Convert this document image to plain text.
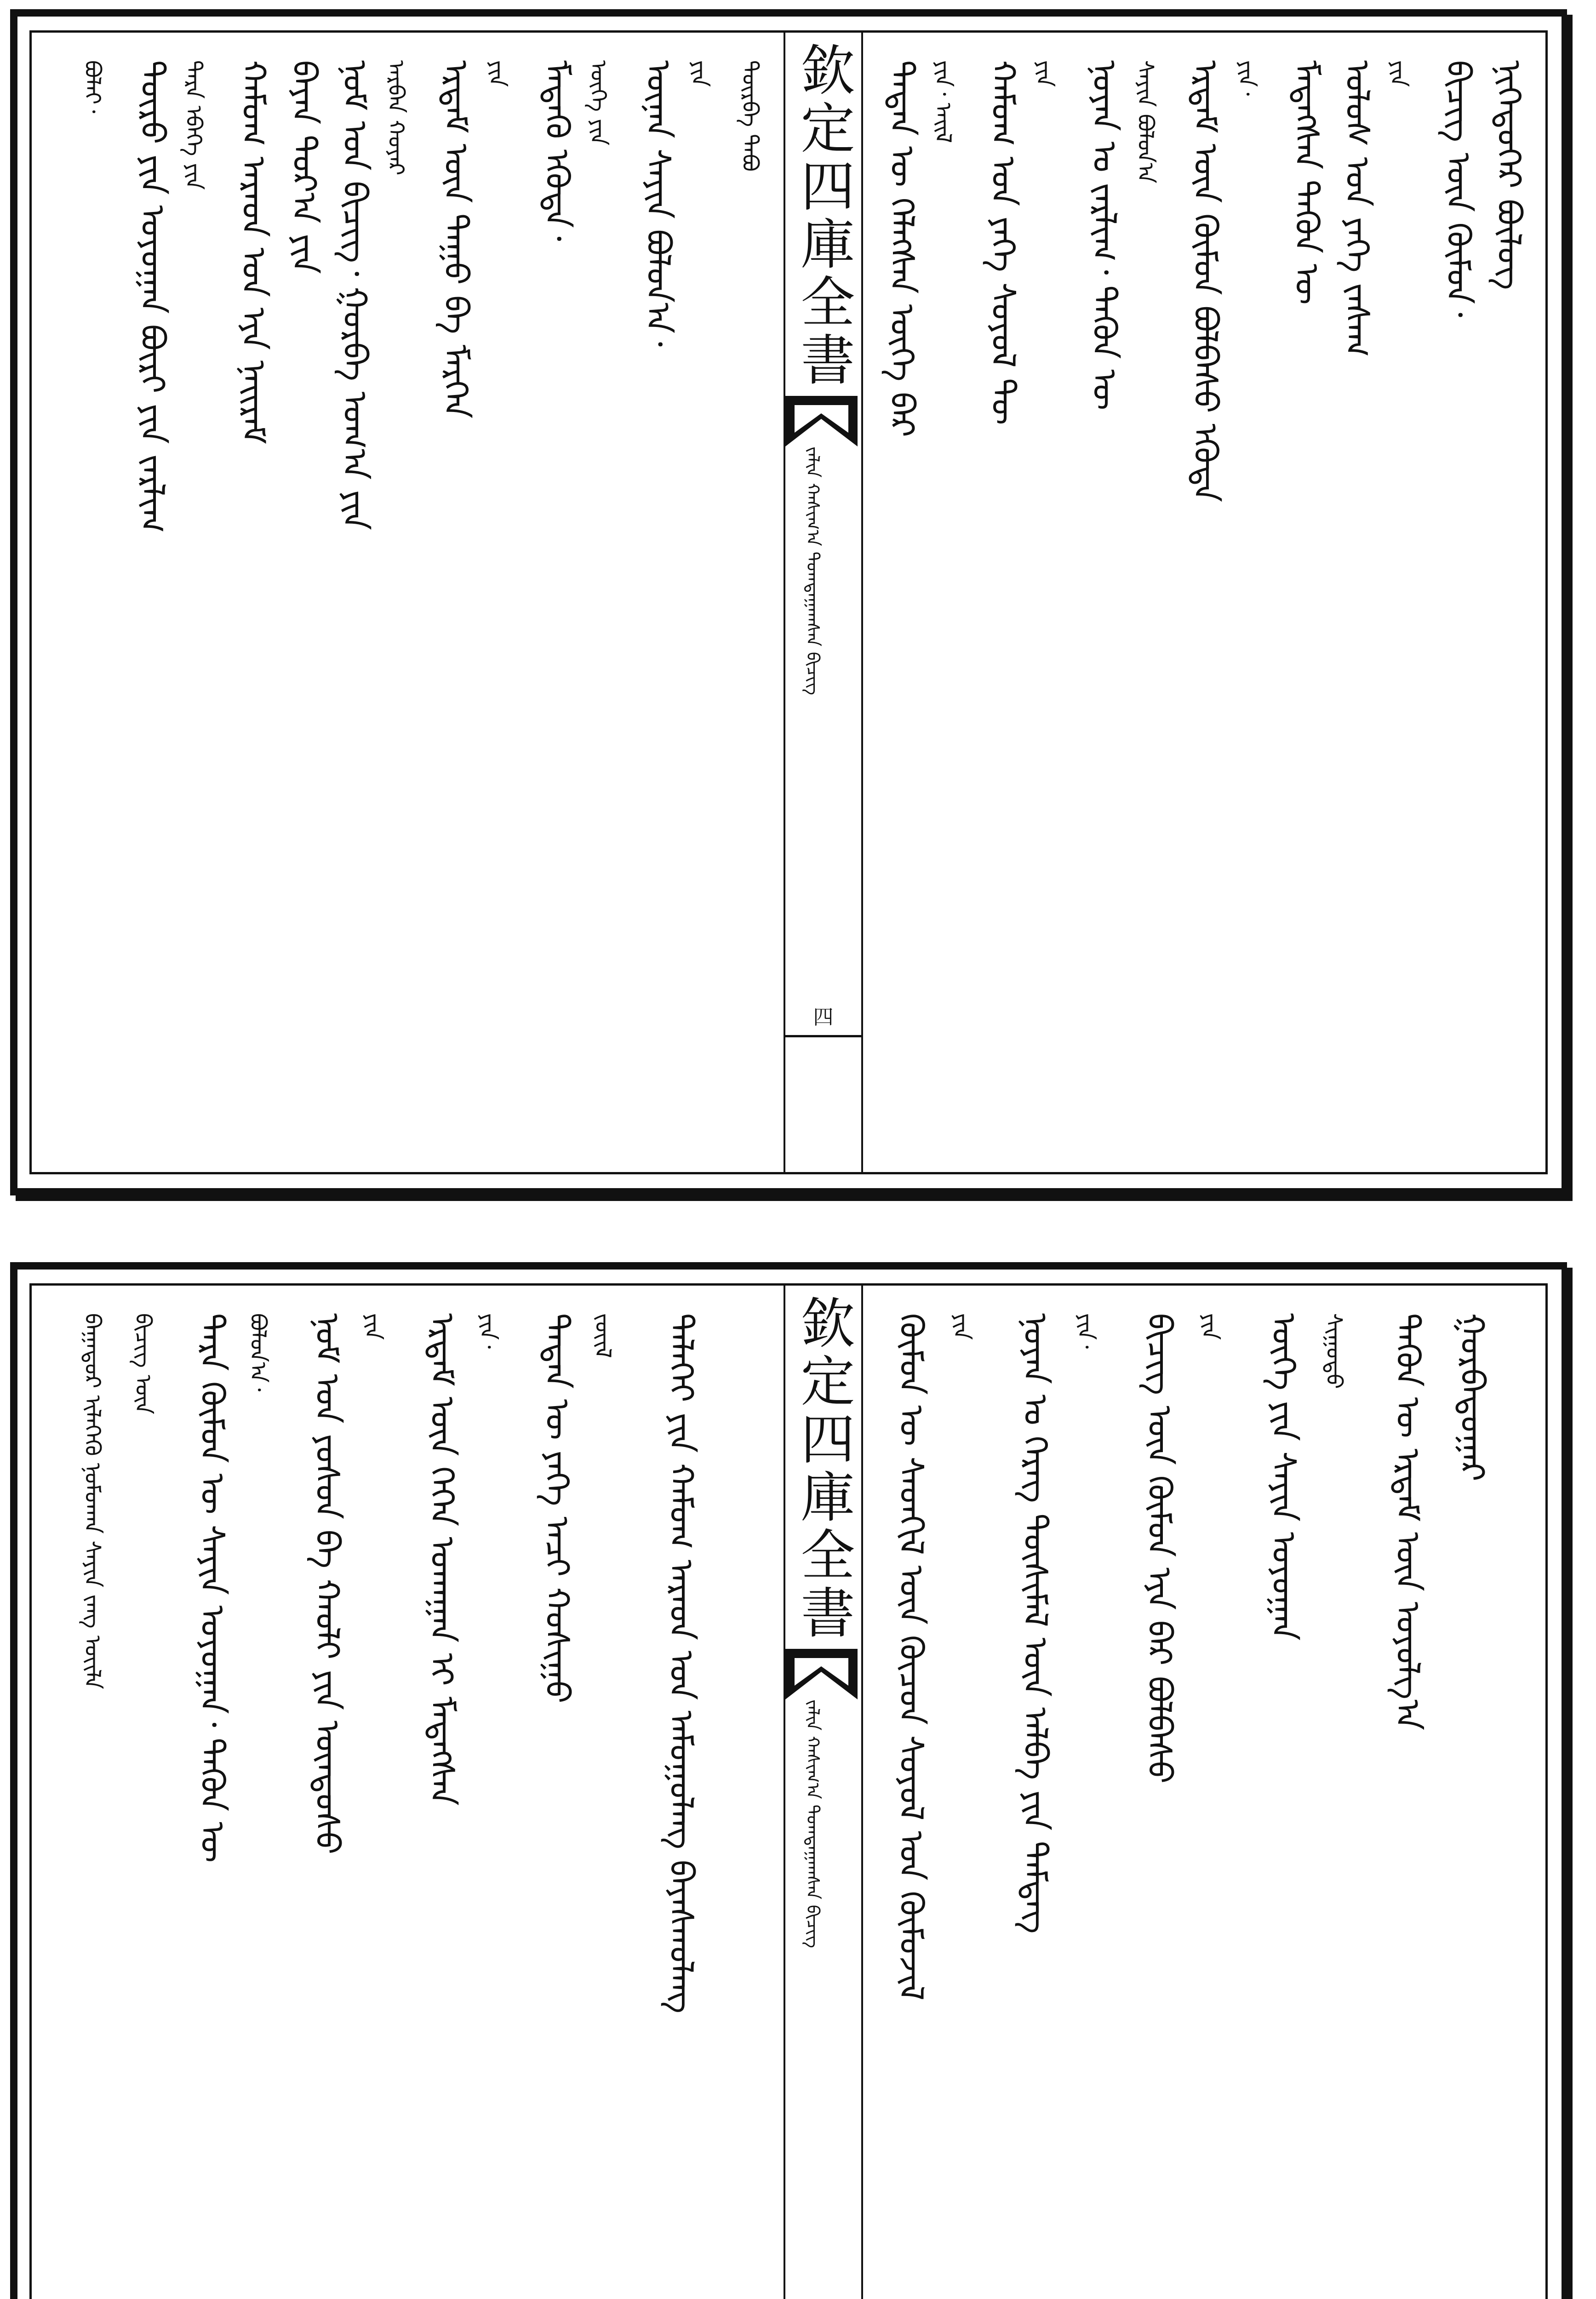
ᠪᠣᠯᠠᠢ᠂ ᠲᠦᠷᠦ ᠶᠢᠨ ᠤᠶᠤᠭᠠᠨ ᠪᠦᠷᠢ ᠶᠢᠨ ᠵᠠᠷᠯᠢᠭ ᠲᠡᠷᠡ ᠡᠪᠡᠭᠡ ᠶᠢᠨ ᠬᠠᠮᠤᠭ ᠠᠷᠠᠳ ᠤᠨ ᠡᠶᠡ ᠨᠡᠢᠷᠡᠮ ᠪᠠᠶᠠᠨ ᠳᠤᠷ᠎ᠠ ᠶᠢᠨ ᠨᠣᠮ ᠤᠨ ᠪᠢᠴᠢᠭ᠂ ᠭᠤᠷᠪᠠ ᠤᠭ᠎ᠠ ᠶᠢᠨ ᠠᠷᠪᠠᠨ ᠬᠣᠶᠠᠷ ᠡᠷᠳᠡᠮ ᠦᠨ ᠳᠠᠭᠤ ᠪᠠ ᠮᠡᠷᠭᠡᠨ ᠶᠢᠨ ᠮᠡᠳᠡᠬᠦ ᠡᠭᠦᠳᠡ᠂ ᠦᠭᠡ ᠶᠢᠨ ᠦᠨᠡᠨ ᠰᠠᠶᠢᠨ ᠪᠣᠯᠤᠨ᠎ᠠ᠂ ᠶᠢᠨ	ᠳᠦᠷᠪᠡ ᠲᠠᠪᠤ 欽定四庫全書
ᠵᠠᠯᠢᠨ ᠬᠠᠰᠢᠭ᠎ᠠ ᠲᠣᠭᠲᠠᠭᠠᠭᠰᠠᠨ ᠪᠢᠴᠢᠭ
四
ᠲᠡᠳᠡᠨ ᠦ ᠬᠡᠯᠡᠭᠰᠡᠨ ᠦᠭᠡ ᠪᠡᠷ ᠶᠢᠨ᠂ ᠠᠢᠯ ᠬᠠᠮᠤᠭ ᠤᠨ ᠶᠡᠬᠡ ᠰᠣᠶᠤᠯ ᠲᠦ ᠶᠢᠨ ᠨᠣᠶᠠᠨ ᠤ ᠵᠠᠷᠯᠢᠭ᠂ ᠲᠡᠭᠦᠨ ᠦ ᠰᠠᠶᠢᠨ ᠪᠣᠯᠤᠨ᠎ᠠ ᠡᠷᠳᠡᠮ ᠦᠨ ᠬᠦᠮᠦᠨ ᠪᠣᠯᠪᠠᠰᠤ ᠡᠭᠦᠳᠡ ᠶᠢᠨ᠂ ᠮᠡᠳᠡᠭᠰᠡᠨ ᠲᠡᠭᠦᠨ ᠦ ᠤᠯᠤᠰ ᠤᠨ ᠶᠡᠬᠡ ᠵᠠᠰᠠᠭ ᠶᠢᠨ ᠪᠢᠴᠢᠭ ᠦᠨ ᠬᠦᠮᠦᠨ᠂ ᠨᠢᠭᠡᠳᠦᠭᠡᠷ ᠪᠦᠯᠦᠭ
ᠪᠠᠭᠠᠲᠤᠷ ᠢᠯᠡᠭᠡᠬᠦ ᠨᠣᠮᠤᠬᠠᠨ ᠰᠠᠶᠢᠨ ᠵᠠᠩ ᠦᠢᠯᠡ	ᠪᠢᠴᠢᠭ ᠦᠨ ᠲᠡᠷᠡ ᠬᠦᠮᠦᠨ ᠦ ᠰᠠᠶᠢᠨ ᠤᠶᠤᠭᠠᠨ᠂ ᠲᠡᠭᠦᠨ ᠦ ᠪᠣᠯᠤᠨ᠎ᠠ᠂ ᠨᠣᠮ ᠤᠨ ᠶᠣᠰᠤᠨ ᠪᠠ ᠬᠠᠤᠯᠢ ᠶᠢᠨ ᠦᠨᠳᠦᠰᠦ ᠶᠢᠨ ᠡᠷᠳᠡᠮ ᠦᠨ ᠭᠡᠭᠡᠨ ᠤᠬᠠᠭᠠᠨ ᠢ ᠮᠡᠳᠡᠭᠰᠡᠨ ᠶᠢᠨ᠂ ᠲᠡᠳᠡᠨ ᠦ ᠶᠡᠬᠡ ᠠᠴᠢ ᠬᠣᠰᠢᠭᠤ ᠵᠦᠢᠯ ᠳᠡᠯᠡᠬᠡᠢ ᠶᠢᠨ ᠬᠠᠮᠤᠭ ᠠᠷᠠᠳ ᠤᠨ ᠠᠮᠤᠭᠤᠯᠠᠩ ᠪᠠᠶᠠᠰᠬᠤᠯᠠᠩ 欽定四庫全書
ᠵᠠᠯᠢᠨ ᠬᠠᠰᠢᠭ᠎ᠠ ᠲᠣᠭᠲᠠᠭᠠᠭᠰᠠᠨ ᠪᠢᠴᠢᠭ	ᠬᠦᠮᠦᠨ ᠦ ᠰᠡᠳᠬᠢᠯ ᠦᠨ ᠬᠦᠴᠦᠨ ᠰᠣᠶᠤᠯ ᠤᠨ ᠬᠦᠮᠦᠵᠢᠯ ᠶᠢᠨ ᠨᠣᠶᠠᠨ ᠤ ᠬᠡᠷᠡᠭ ᠲᠦᠰᠢᠮᠡᠯ ᠦᠨ ᠠᠯᠪᠠ ᠶᠢᠨ ᠲᠡᠮᠳᠡᠭ ᠶᠢᠨ᠂ ᠪᠢᠴᠢᠭ ᠦᠨ ᠬᠦᠮᠦᠨ ᠡᠶᠡ ᠪᠡᠷ ᠪᠣᠯᠪᠠᠰᠤ ᠶᠢᠨ ᠦᠭᠡ ᠶᠢᠨ ᠰᠠᠶᠢᠨ ᠤᠶᠤᠭᠠᠨ ᠰᠢᠭᠤᠳᠤ ᠲᠡᠭᠦᠨ ᠦ ᠡᠷᠳᠡᠮ ᠦᠨ ᠣᠶᠣᠯᠭ᠎ᠠ ᠭᠤᠷᠪᠠᠳᠤᠭᠠᠷ
